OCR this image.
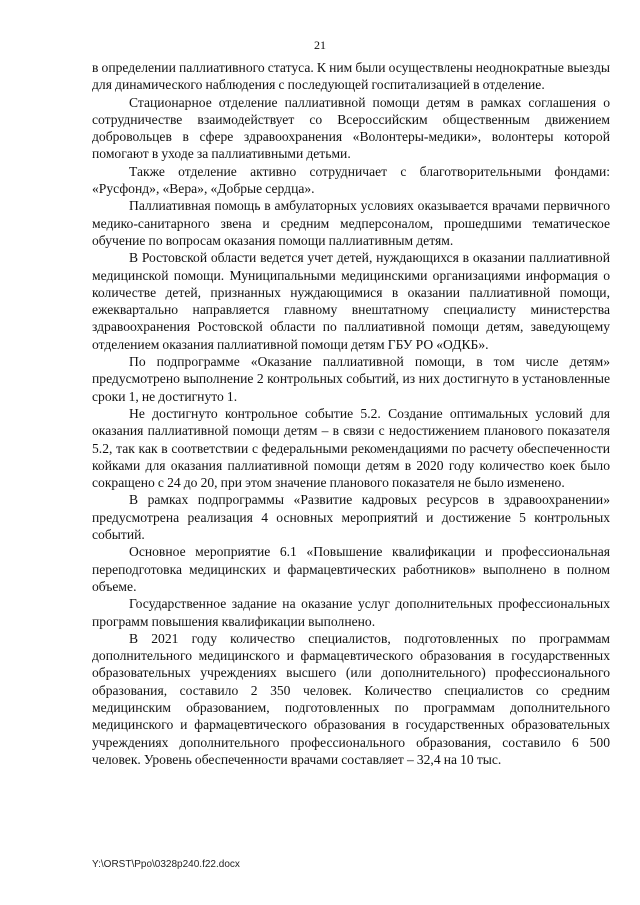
21

в определении паллиативного статуса. К ним были осуществлены неоднократные выезды для динамического наблюдения с последующей госпитализацией в отделение.

Стационарное отделение паллиативной помощи детям в рамках соглашения о сотрудничестве взаимодействует со Всероссийским общественным движением добровольцев в сфере здравоохранения «Волонтеры-медики», волонтеры которой помогают в уходе за паллиативными детьми.

Также отделение активно сотрудничает с благотворительными фондами: «Русфонд», «Вера», «Добрые сердца».

Паллиативная помощь в амбулаторных условиях оказывается врачами первичного медико-санитарного звена и средним медперсоналом, прошедшими тематическое обучение по вопросам оказания помощи паллиативным детям.

В Ростовской области ведется учет детей, нуждающихся в оказании паллиативной медицинской помощи. Муниципальными медицинскими организациями информация о количестве детей, признанных нуждающимися в оказании паллиативной помощи, ежеквартально направляется главному внештатному специалисту министерства здравоохранения Ростовской области по паллиативной помощи детям, заведующему отделением оказания паллиативной помощи детям ГБУ РО «ОДКБ».

По подпрограмме «Оказание паллиативной помощи, в том числе детям» предусмотрено выполнение 2 контрольных событий, из них достигнуто в установленные сроки 1, не достигнуто 1.

Не достигнуто контрольное событие 5.2. Создание оптимальных условий для оказания паллиативной помощи детям – в связи с недостижением планового показателя 5.2, так как в соответствии с федеральными рекомендациями по расчету обеспеченности койками для оказания паллиативной помощи детям в 2020 году количество коек было сокращено с 24 до 20, при этом значение планового показателя не было изменено.

В рамках подпрограммы «Развитие кадровых ресурсов в здравоохранении» предусмотрена реализация 4 основных мероприятий и достижение 5 контрольных событий.

Основное мероприятие 6.1 «Повышение квалификации и профессиональная переподготовка медицинских и фармацевтических работников» выполнено в полном объеме.

Государственное задание на оказание услуг дополнительных профессиональных программ повышения квалификации выполнено.

В 2021 году количество специалистов, подготовленных по программам дополнительного медицинского и фармацевтического образования в государственных образовательных учреждениях высшего (или дополнительного) профессионального образования, составило 2 350 человек. Количество специалистов со средним медицинским образованием, подготовленных по программам дополнительного медицинского и фармацевтического образования в государственных образовательных учреждениях дополнительного профессионального образования, составило 6 500 человек. Уровень обеспеченности врачами составляет – 32,4 на 10 тыс.

Y:\ORST\Ppo\0328p240.f22.docx
